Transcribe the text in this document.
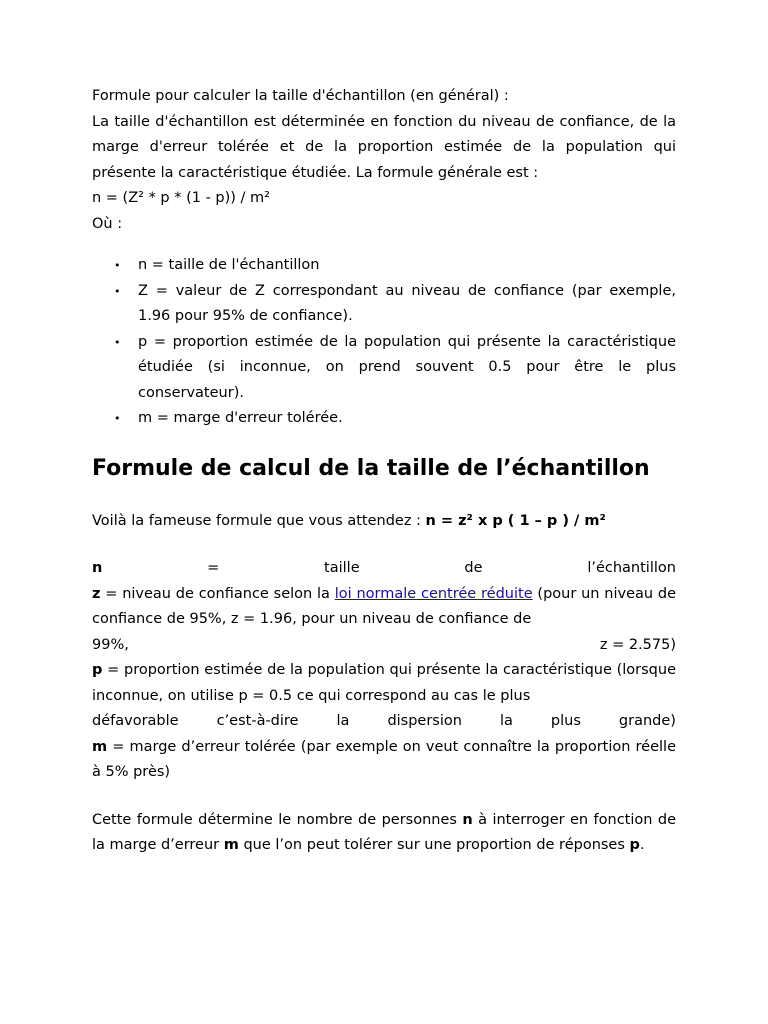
Formule pour calculer la taille d'échantillon (en général) :

La taille d'échantillon est déterminée en fonction du niveau de confiance, de la marge d'erreur tolérée et de la proportion estimée de la population qui présente la caractéristique étudiée. La formule générale est :

n = (Z² * p * (1 - p)) / m²

Où :

• n = taille de l'échantillon
• Z = valeur de Z correspondant au niveau de confiance (par exemple, 1.96 pour 95% de confiance).
• p = proportion estimée de la population qui présente la caractéristique étudiée (si inconnue, on prend souvent 0.5 pour être le plus conservateur).
• m = marge d'erreur tolérée.
Formule de calcul de la taille de l’échantillon

Voilà la fameuse formule que vous attendez : n = z² x p ( 1 – p ) / m²

n	=	taille	de	l’échantillon

z = niveau de confiance selon la loi normale centrée réduite (pour un niveau de confiance de 95%, z = 1.96, pour un niveau de confiance de

99%,	z = 2.575)

p = proportion estimée de la population qui présente la caractéristique (lorsque inconnue, on utilise p = 0.5 ce qui correspond au cas le plus

défavorable	c’est-à-dire	la	dispersion	la	plus	grande)

m = marge d’erreur tolérée (par exemple on veut connaître la proportion réelle à 5% près)

Cette formule détermine le nombre de personnes n à interroger en fonction de la marge d’erreur m que l’on peut tolérer sur une proportion de réponses p.
